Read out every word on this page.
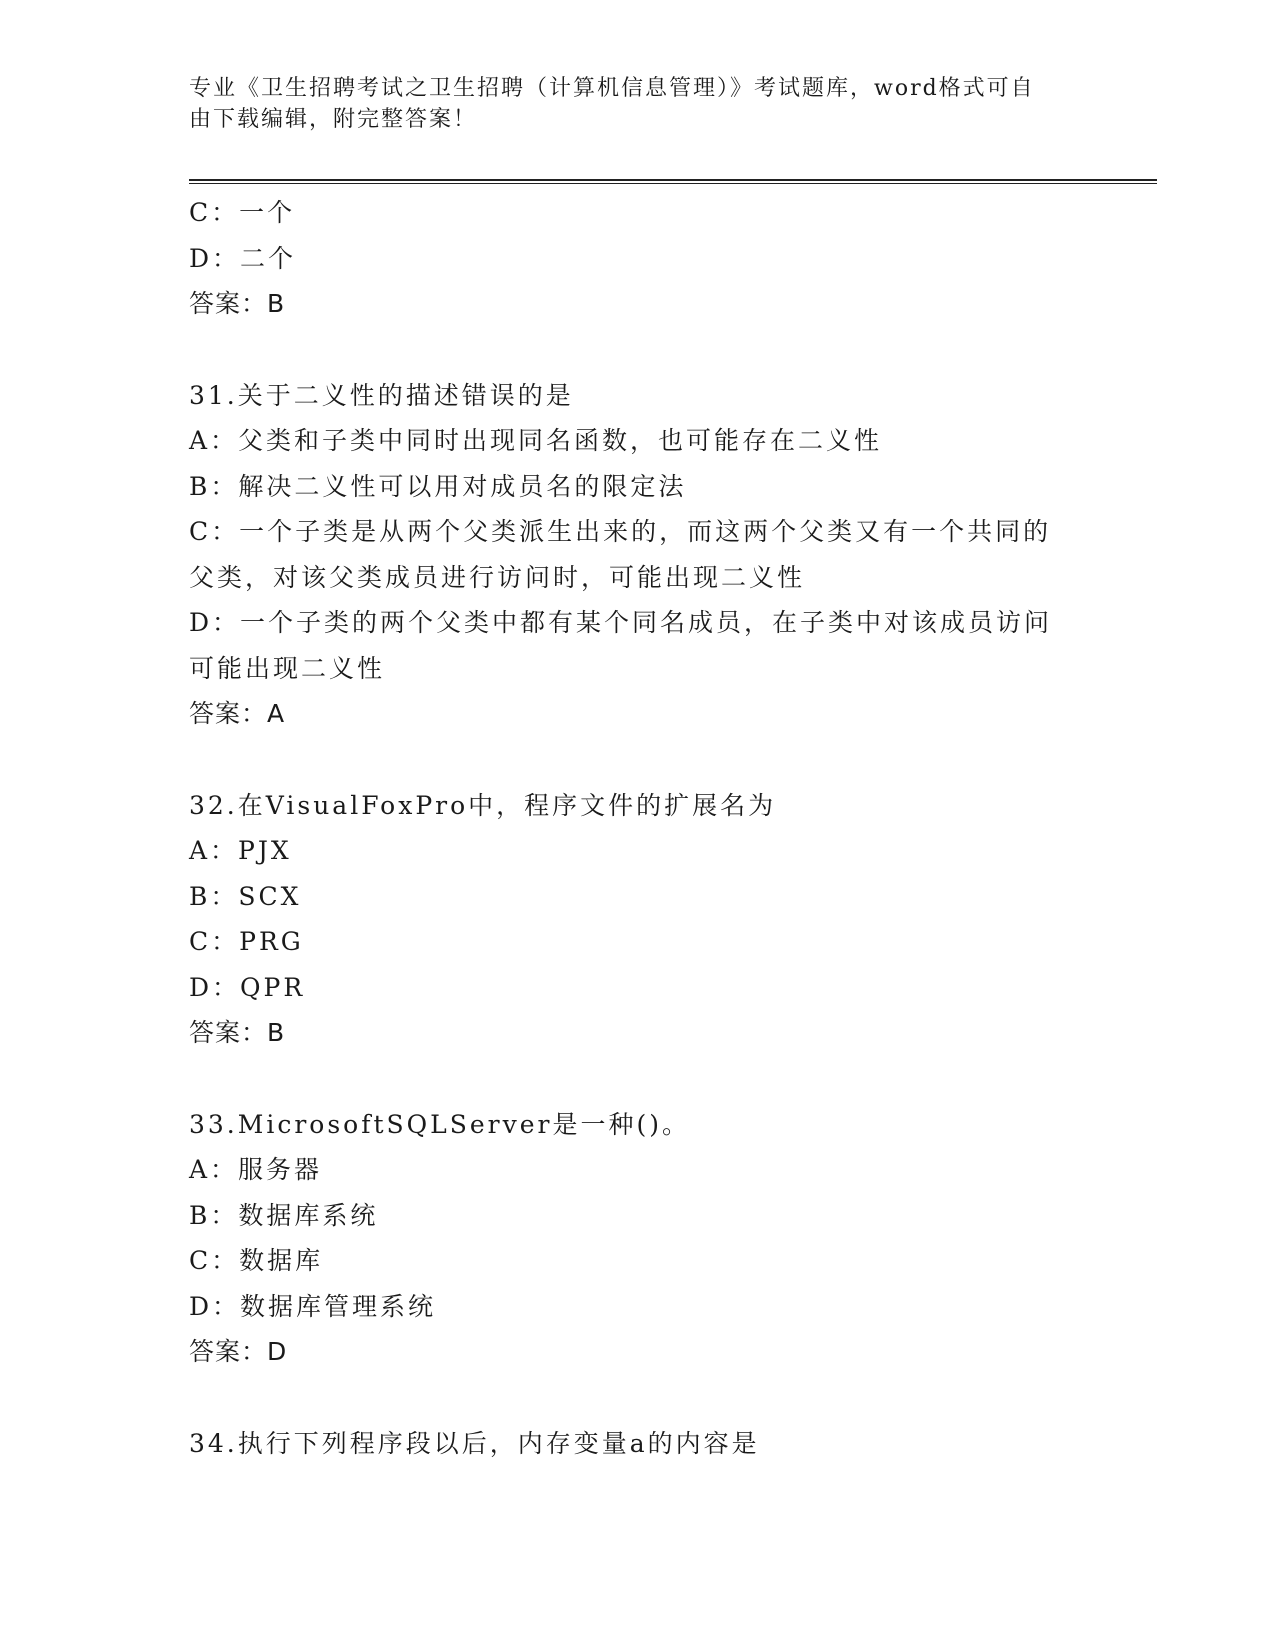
专业《卫生招聘考试之卫生招聘（计算机信息管理）》考试题库，word格式可自
由下载编辑，附完整答案！
C：一个
D：二个
答案：B
31.关于二义性的描述错误的是
A：父类和子类中同时出现同名函数，也可能存在二义性
B：解决二义性可以用对成员名的限定法
C：一个子类是从两个父类派生出来的，而这两个父类又有一个共同的
父类，对该父类成员进行访问时，可能出现二义性
D：一个子类的两个父类中都有某个同名成员，在子类中对该成员访问
可能出现二义性
答案：A
32.在VisualFoxPro中，程序文件的扩展名为
A：PJX
B：SCX
C：PRG
D：QPR
答案：B
33.MicrosoftSQLServer是一种()。
A：服务器
B：数据库系统
C：数据库
D：数据库管理系统
答案：D
34.执行下列程序段以后，内存变量a的内容是
